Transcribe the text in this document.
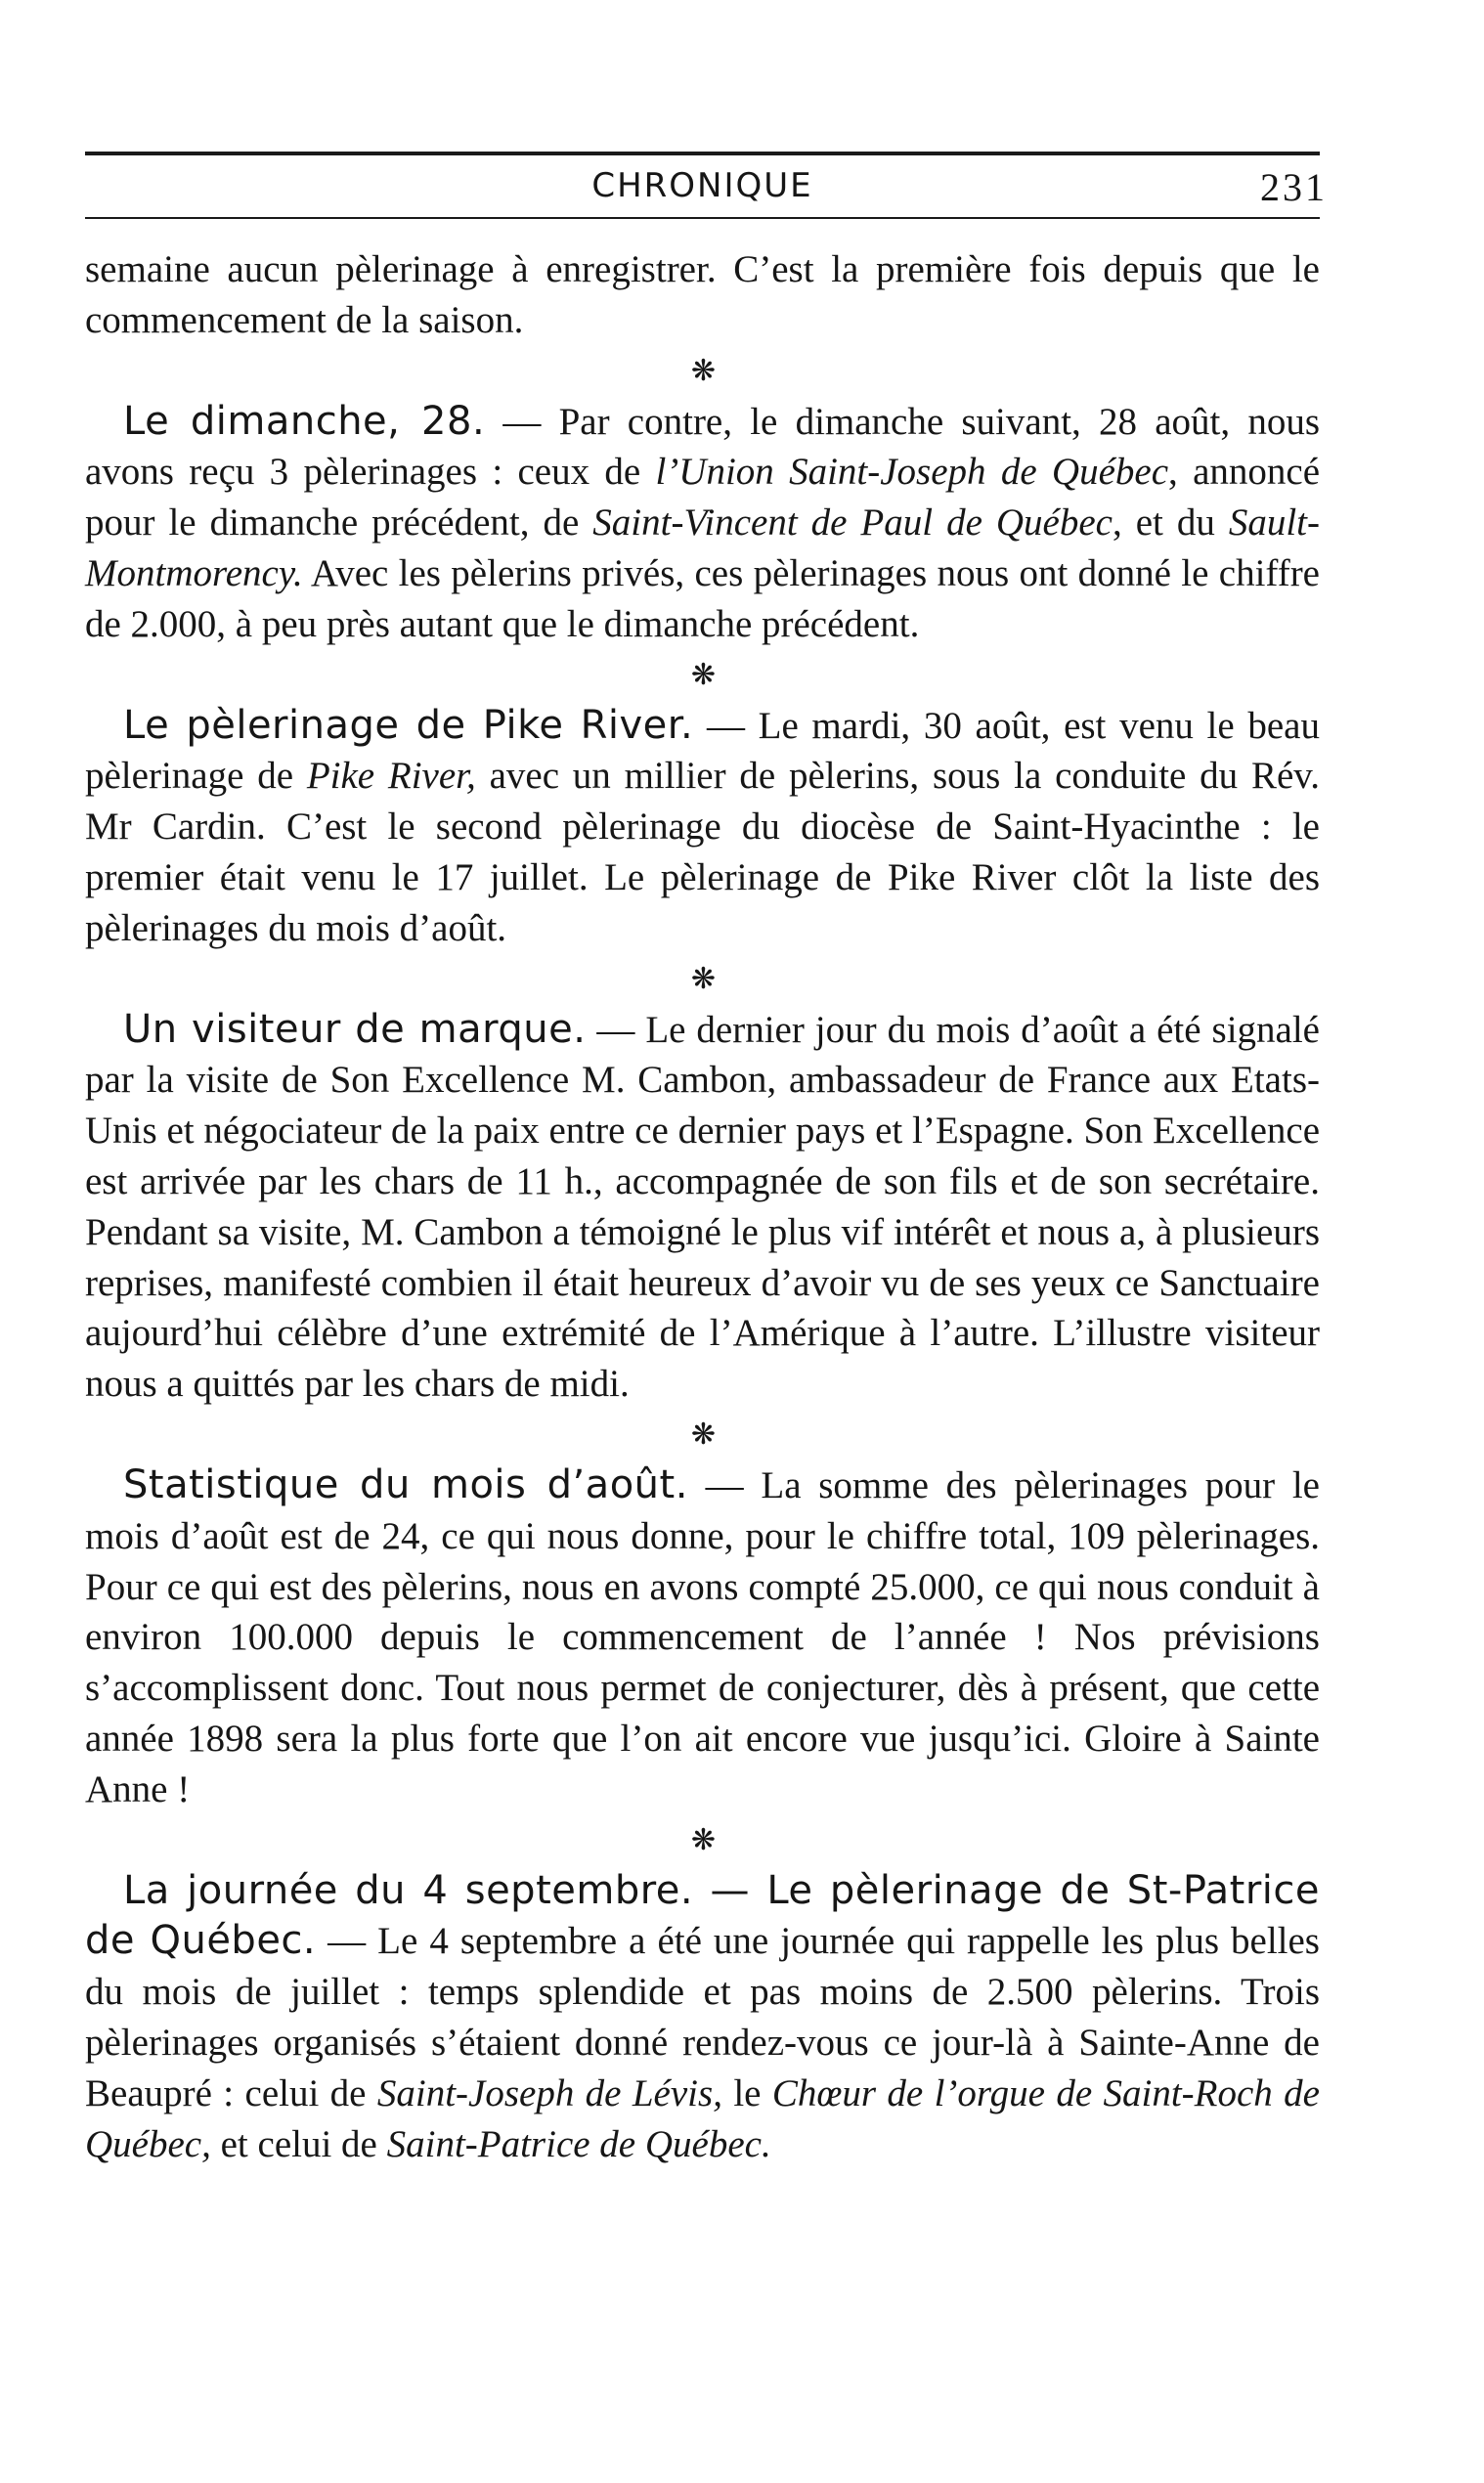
CHRONIQUE	231

semaine aucun pèlerinage à enregistrer. C’est la première fois depuis que le commencement de la saison.

❋

Le dimanche, 28. — Par contre, le dimanche suivant, 28 août, nous avons reçu 3 pèlerinages : ceux de l’Union Saint-Joseph de Québec, annoncé pour le dimanche précédent, de Saint-Vincent de Paul de Québec, et du Sault-Montmorency. Avec les pèlerins privés, ces pèlerinages nous ont donné le chiffre de 2.000, à peu près autant que le dimanche précédent.

❋

Le pèlerinage de Pike River. — Le mardi, 30 août, est venu le beau pèlerinage de Pike River, avec un millier de pèlerins, sous la conduite du Rév. Mr Cardin. C’est le second pèlerinage du diocèse de Saint-Hyacinthe : le premier était venu le 17 juillet. Le pèlerinage de Pike River clôt la liste des pèlerinages du mois d’août.

❋

Un visiteur de marque. — Le dernier jour du mois d’août a été signalé par la visite de Son Excellence M. Cambon, ambassadeur de France aux Etats-Unis et négociateur de la paix entre ce dernier pays et l’Espagne. Son Excellence est arrivée par les chars de 11 h., accompagnée de son fils et de son secrétaire. Pendant sa visite, M. Cambon a témoigné le plus vif intérêt et nous a, à plusieurs reprises, manifesté combien il était heureux d’avoir vu de ses yeux ce Sanctuaire aujourd’hui célèbre d’une extrémité de l’Amérique à l’autre. L’illustre visiteur nous a quittés par les chars de midi.

❋

Statistique du mois d’août. — La somme des pèlerinages pour le mois d’août est de 24, ce qui nous donne, pour le chiffre total, 109 pèlerinages. Pour ce qui est des pèlerins, nous en avons compté 25.000, ce qui nous conduit à environ 100.000 depuis le commencement de l’année ! Nos prévisions s’accomplissent donc. Tout nous permet de conjecturer, dès à présent, que cette année 1898 sera la plus forte que l’on ait encore vue jusqu’ici. Gloire à Sainte Anne !

❋

La journée du 4 septembre. — Le pèlerinage de St-Patrice de Québec. — Le 4 septembre a été une journée qui rappelle les plus belles du mois de juillet : temps splendide et pas moins de 2.500 pèlerins. Trois pèlerinages organisés s’étaient donné rendez-vous ce jour-là à Sainte-Anne de Beaupré : celui de Saint-Joseph de Lévis, le Chœur de l’orgue de Saint-Roch de Québec, et celui de Saint-Patrice de Québec.
